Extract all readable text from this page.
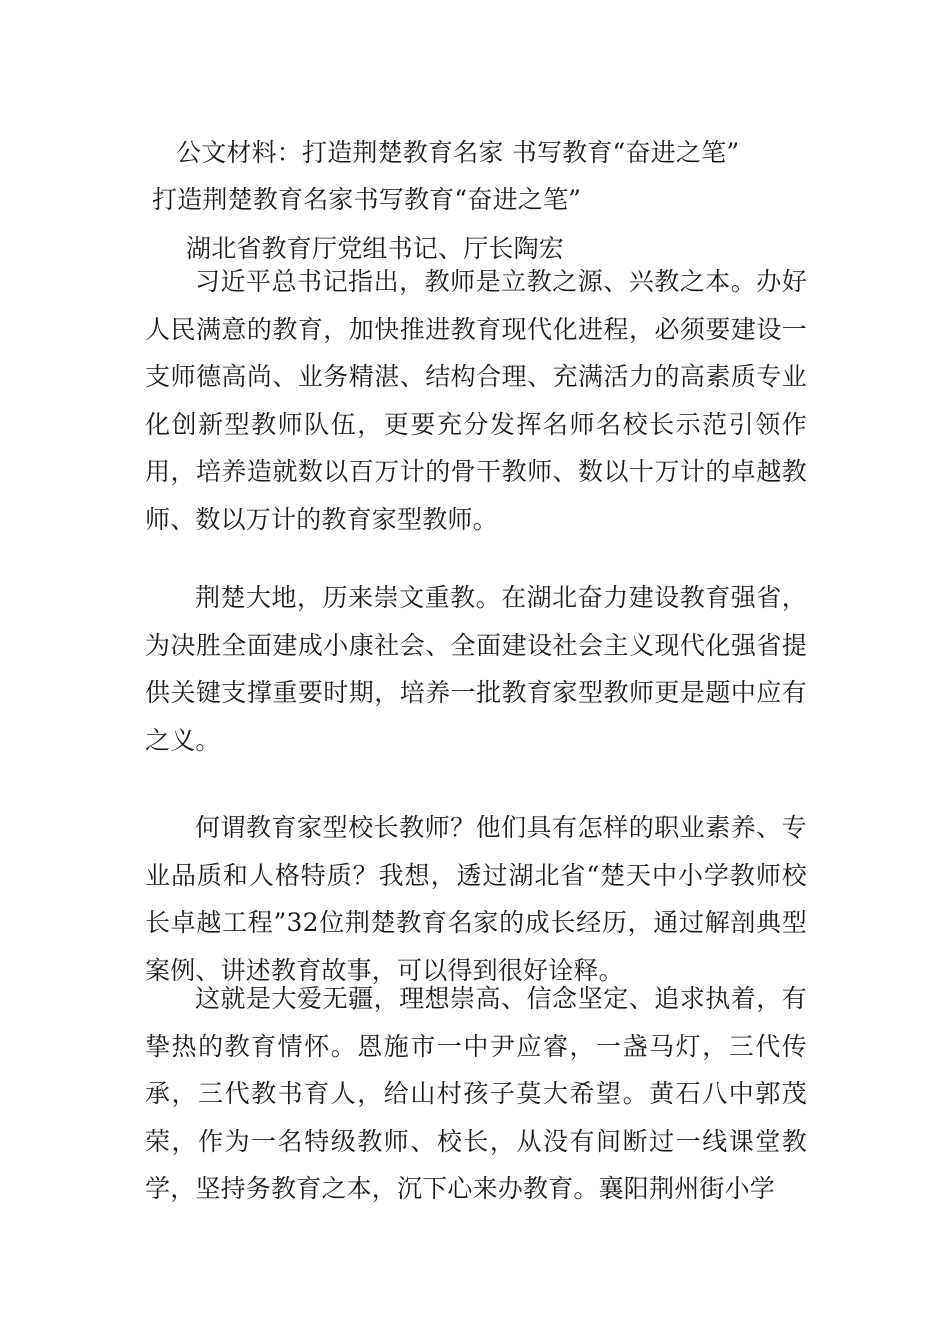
公文材料：打造荆楚教育名家 书写教育“奋进之笔”
打造荆楚教育名家书写教育“奋进之笔”
湖北省教育厅党组书记、厅长陶宏

习近平总书记指出，教师是立教之源、兴教之本。办好人民满意的教育，加快推进教育现代化进程，必须要建设一支师德高尚、业务精湛、结构合理、充满活力的高素质专业化创新型教师队伍，更要充分发挥名师名校长示范引领作用，培养造就数以百万计的骨干教师、数以十万计的卓越教师、数以万计的教育家型教师。

荆楚大地，历来崇文重教。在湖北奋力建设教育强省，为决胜全面建成小康社会、全面建设社会主义现代化强省提供关键支撑重要时期，培养一批教育家型教师更是题中应有之义。

何谓教育家型校长教师？他们具有怎样的职业素养、专业品质和人格特质？我想，透过湖北省“楚天中小学教师校长卓越工程”32位荆楚教育名家的成长经历，通过解剖典型案例、讲述教育故事，可以得到很好诠释。

这就是大爱无疆，理想崇高、信念坚定、追求执着，有挚热的教育情怀。恩施市一中尹应睿，一盏马灯，三代传承，三代教书育人，给山村孩子莫大希望。黄石八中郭茂荣，作为一名特级教师、校长，从没有间断过一线课堂教学，坚持务教育之本，沉下心来办教育。襄阳荆州街小学
